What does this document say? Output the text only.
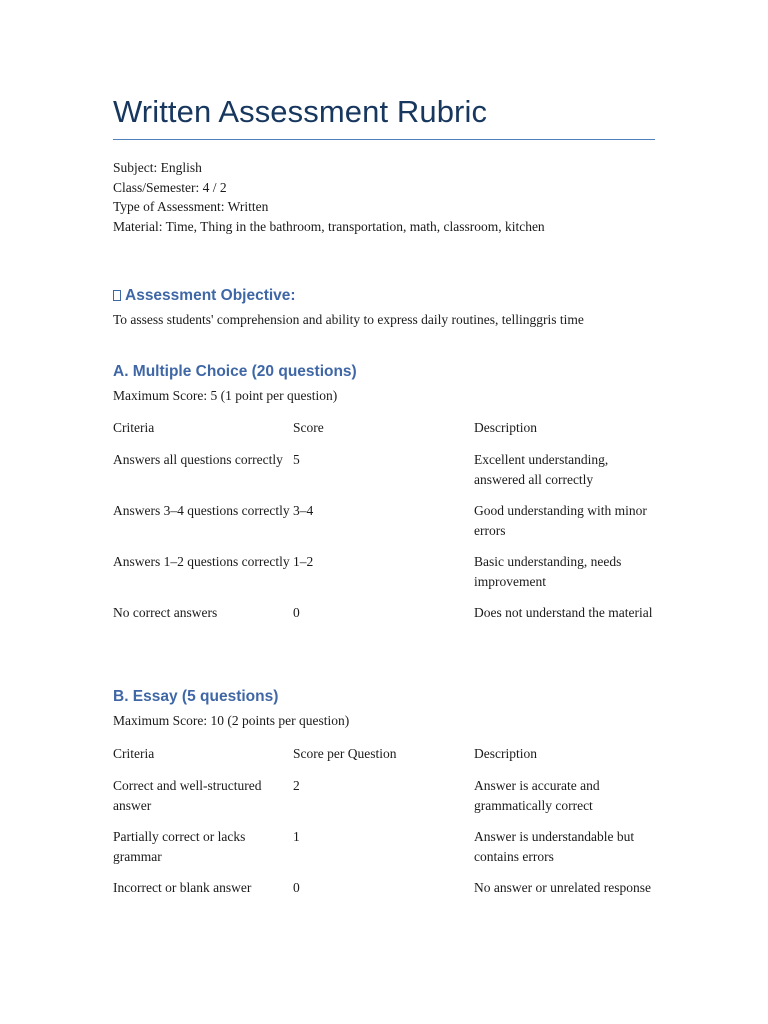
Written Assessment Rubric
Subject: English
Class/Semester: 4 / 2
Type of Assessment: Written
Material: Time, Thing in the bathroom, transportation, math, classroom, kitchen
Assessment Objective:
To assess students' comprehension and ability to express daily routines, tellinggris time
A. Multiple Choice (20 questions)
Maximum Score: 5 (1 point per question)
Criteria	Score	Description
Answers all questions correctly	5	Excellent understanding, answered all correctly
Answers 3–4 questions correctly	3–4	Good understanding with minor errors
Answers 1–2 questions correctly	1–2	Basic understanding, needs improvement
No correct answers	0	Does not understand the material
B. Essay (5 questions)
Maximum Score: 10 (2 points per question)
Criteria	Score per Question	Description
Correct and well-structured answer	2	Answer is accurate and grammatically correct
Partially correct or lacks grammar	1	Answer is understandable but contains errors
Incorrect or blank answer	0	No answer or unrelated response
